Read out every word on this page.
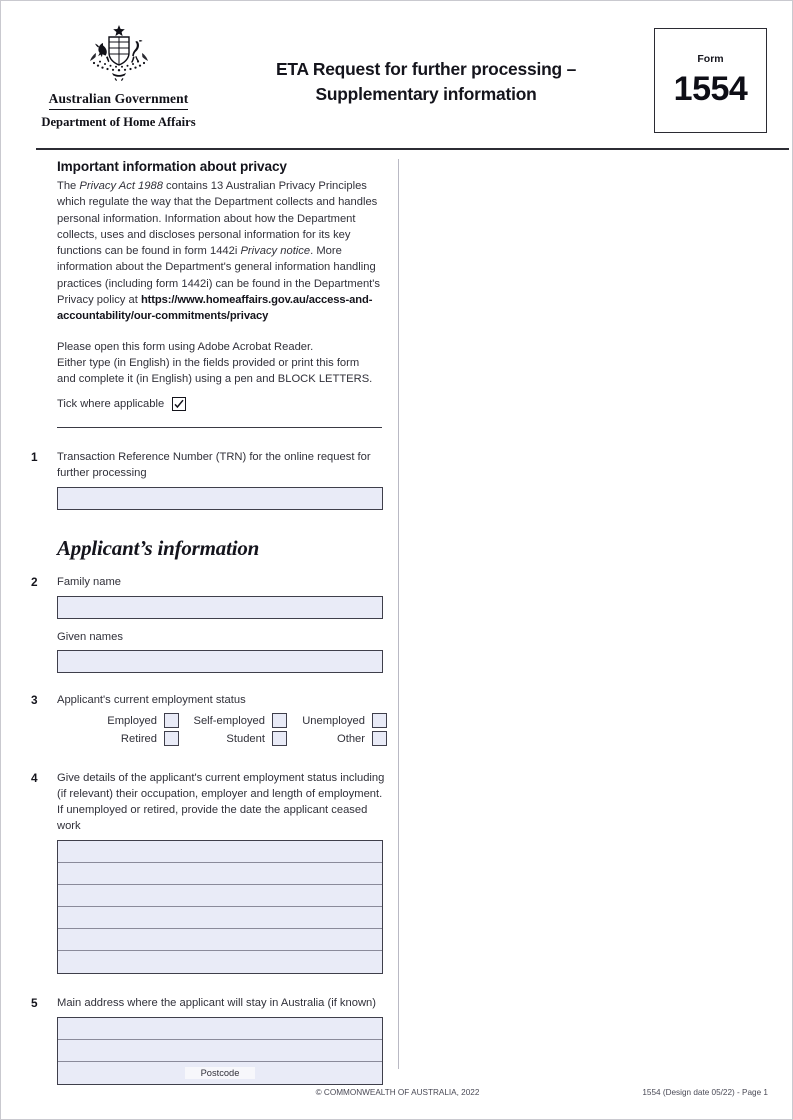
Australian Government
Department of Home Affairs
ETA Request for further processing –
Supplementary information
Form
1554
Important information about privacy
The Privacy Act 1988 contains 13 Australian Privacy Principles which regulate the way that the Department collects and handles personal information. Information about how the Department collects, uses and discloses personal information for its key functions can be found in form 1442i Privacy notice. More information about the Department's general information handling practices (including form 1442i) can be found in the Department's Privacy policy at https://www.homeaffairs.gov.au/access-and-accountability/our-commitments/privacy
Please open this form using Adobe Acrobat Reader.
Either type (in English) in the fields provided or print this form
and complete it (in English) using a pen and BLOCK LETTERS.
Tick where applicable
1 Transaction Reference Number (TRN) for the online request for further processing
Applicant’s information
2 Family name
Given names
3 Applicant's current employment status
Employed	Self-employed	Unemployed
Retired	Student	Other
4 Give details of the applicant's current employment status including (if relevant) their occupation, employer and length of employment. If unemployed or retired, provide the date the applicant ceased work
5 Main address where the applicant will stay in Australia (if known)
Postcode
© COMMONWEALTH OF AUSTRALIA, 2022	1554 (Design date 05/22) - Page 1
